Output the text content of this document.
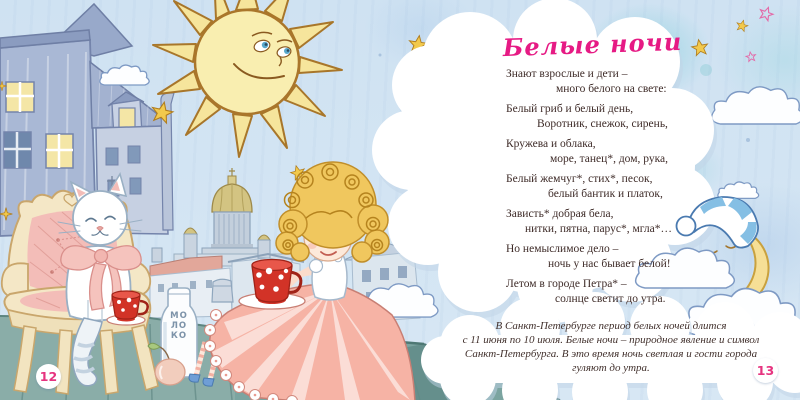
Белые ночи
Знают взрослые и дети –
много белого на свете:
Белый гриб и белый день,
Воротник, снежок, сирень,
Кружева и облака,
море, танец*, дом, рука,
Белый жемчуг*, стих*, песок,
белый бантик и платок,
Зависть* добрая бела,
нитки, пятна, парус*, мгла*…
Но немыслимое дело –
ночь у нас бывает белой!
Летом в городе Петра* –
солнце светит до утра.
В Санкт-Петербурге период белых ночей длится
с 11 июня по 10 июля. Белые ночи – природное явление и символ
Санкт-Петербурга. В это время ночь светлая и гости города
гуляют до утра.
МОЛОКО
12	13
